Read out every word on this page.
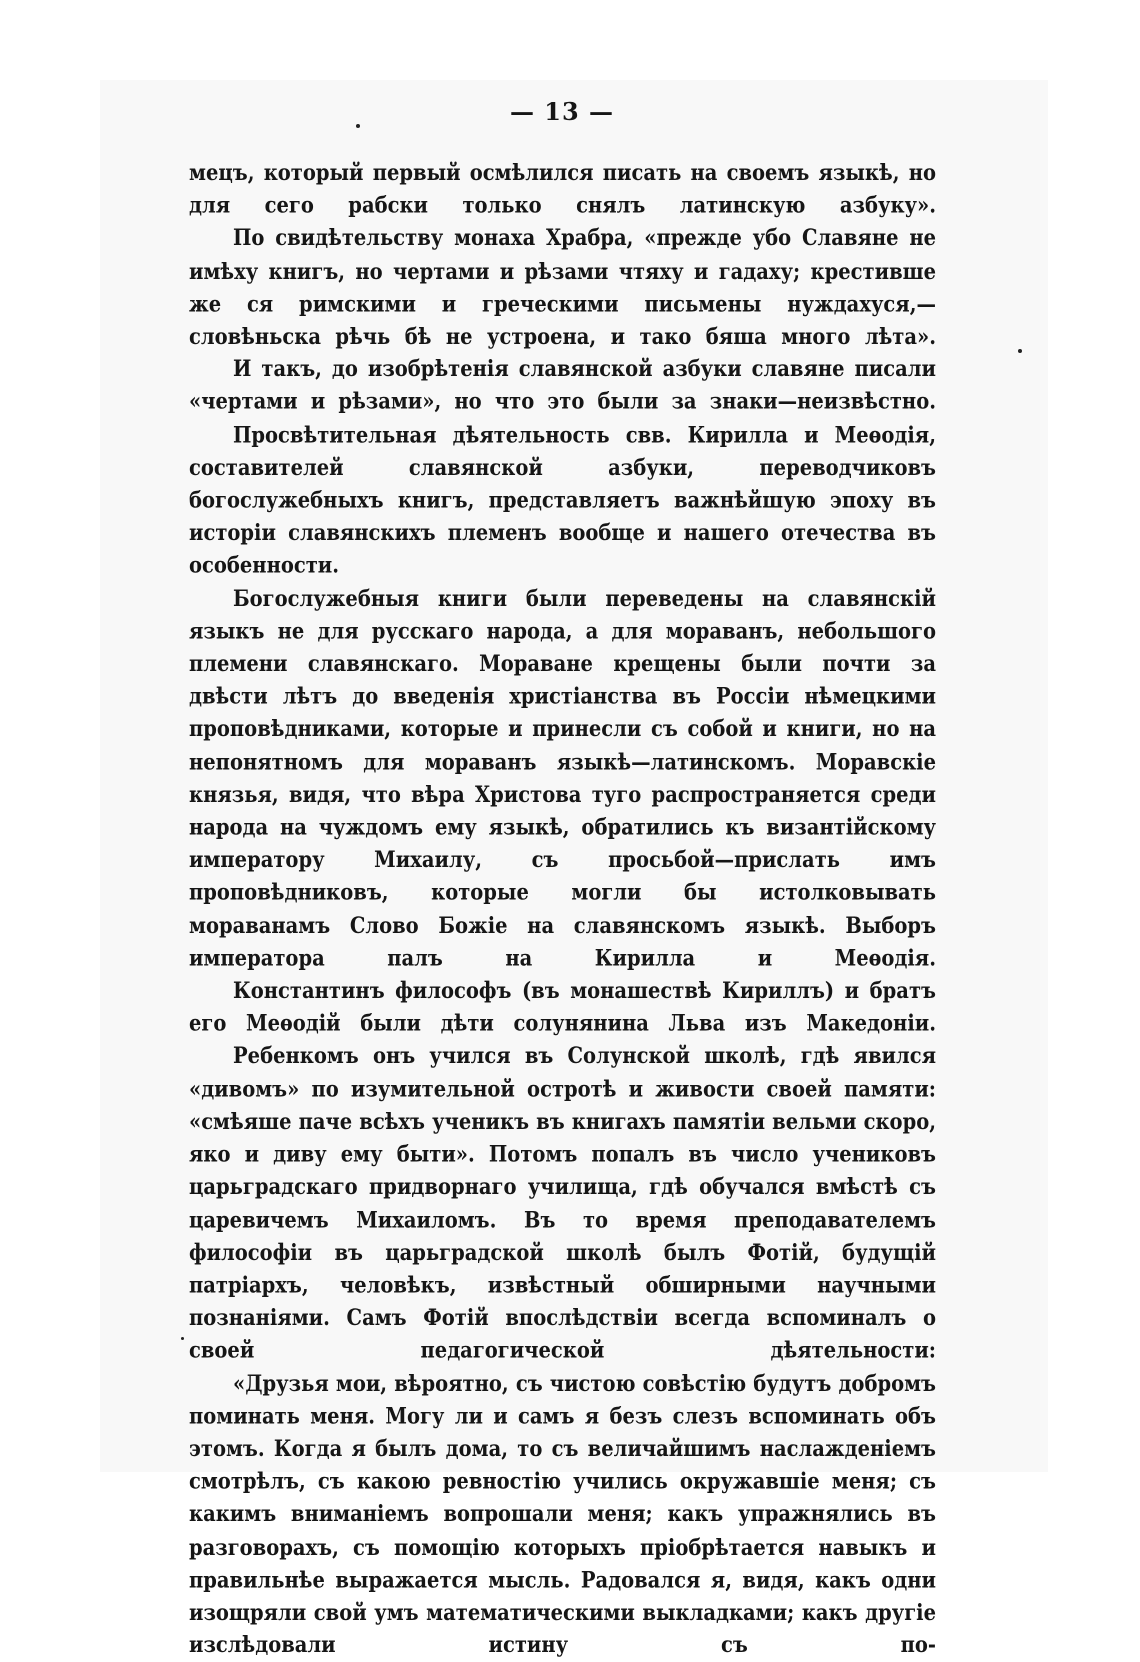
— 13 —

мецъ, который первый осмѣлился писать на своемъ языкѣ, но для сего рабски только снялъ латинскую азбуку».

По свидѣтельству монаха Храбра, «прежде убо Славяне не имѣху книгъ, но чертами и рѣзами чтяху и гадаху; крестивше же ся римскими и греческими письмены нуждахуся,—словѣньска рѣчь бѣ не устроена, и тако бяша много лѣта».

И такъ, до изобрѣтенія славянской азбуки славяне писали «чертами и рѣзами», но что это были за знаки—неизвѣстно.

Просвѣтительная дѣятельность свв. Кирилла и Меѳодія, составителей славянской азбуки, переводчиковъ богослужебныхъ книгъ, представляетъ важнѣйшую эпоху въ исторіи славянскихъ племенъ вообще и нашего отечества въ особенности.

Богослужебныя книги были переведены на славянскій языкъ не для русскаго народа, а для моравaнъ, небольшого племени славянскаго. Мораване крещены были почти за двѣсти лѣтъ до введенія христіанства въ Россіи нѣмецкими проповѣдниками, которые и принесли съ собой и книги, но на непонятномъ для моравaнъ языкѣ—латинскомъ. Моравскіе князья, видя, что вѣра Христова туго распространяется среди народа на чуждомъ ему языкѣ, обратились къ византійскому императору Михаилу, съ просьбой—прислать имъ проповѣдниковъ, которые могли бы истолковывать моравaнамъ Слово Божіе на славянскомъ языкѣ. Выборъ императора палъ на Кирилла и Меѳодія.

Константинъ философъ (въ монашествѣ Кириллъ) и братъ его Меѳодій были дѣти солунянина Льва изъ Македоніи.

Ребенкомъ онъ учился въ Солунской школѣ, гдѣ явился «дивомъ» по изумительной остротѣ и живости своей памяти: «смѣяше паче всѣхъ ученикъ въ книгахъ памятіи вельми скоро, яко и диву ему быти». Потомъ попалъ въ число учениковъ царьградскаго придворнаго училища, гдѣ обучался вмѣстѣ съ царевичемъ Михаиломъ. Въ то время преподавателемъ философіи въ царьградской школѣ былъ Фотій, будущій патріархъ, человѣкъ, извѣстный обширными научными познаніями. Самъ Фотій впослѣдствіи всегда вспоминалъ о своей педагогической дѣятельности:

«Друзья мои, вѣроятно, съ чистою совѣстію будутъ добромъ поминать меня. Могу ли и самъ я безъ слезъ вспоминать объ этомъ. Когда я былъ дома, то съ величайшимъ наслажденіемъ смотрѣлъ, съ какою ревностію учились окружавшіе меня; съ какимъ вниманіемъ вопрошали меня; какъ упражнялись въ разговорахъ, съ помощію которыхъ пріобрѣтается навыкъ и правильнѣе выражается мысль. Радовался я, видя, какъ одни изощряли свой умъ математическими выкладками; какъ другіе изслѣдовали истину съ по-
